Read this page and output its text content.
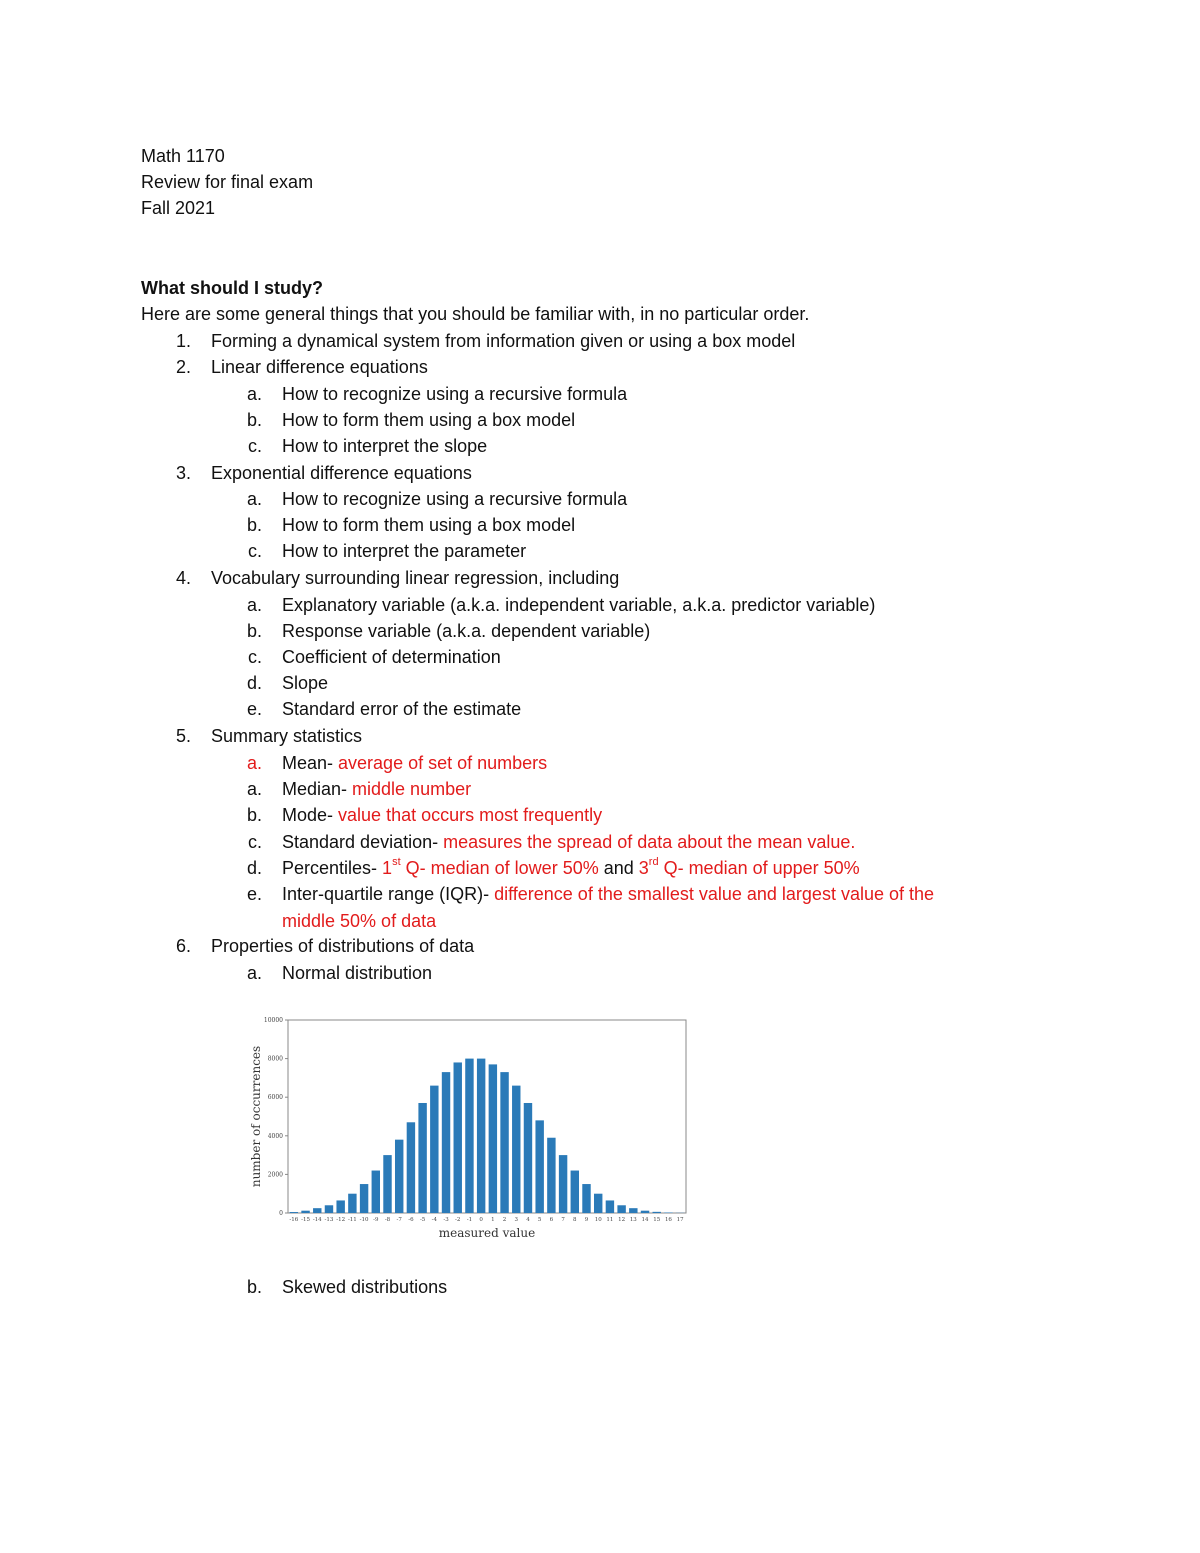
Math 1170
Review for final exam
Fall 2021
What should I study?
Here are some general things that you should be familiar with, in no particular order.
1. Forming a dynamical system from information given or using a box model
2. Linear difference equations
a. How to recognize using a recursive formula
b. How to form them using a box model
c. How to interpret the slope
3. Exponential difference equations
a. How to recognize using a recursive formula
b. How to form them using a box model
c. How to interpret the parameter
4. Vocabulary surrounding linear regression, including
a. Explanatory variable (a.k.a. independent variable, a.k.a. predictor variable)
b. Response variable (a.k.a. dependent variable)
c. Coefficient of determination
d. Slope
e. Standard error of the estimate
5. Summary statistics
a. Mean- average of set of numbers
a. Median- middle number
b. Mode- value that occurs most frequently
c. Standard deviation- measures the spread of data about the mean value.
d. Percentiles- 1st Q- median of lower 50% and 3rd Q- median of upper 50%
e. Inter-quartile range (IQR)- difference of the smallest value and largest value of the
middle 50% of data
6. Properties of distributions of data
a. Normal distribution
0
2000
4000
6000
8000
10000
-16 -15 -14 -13 -12 -11 -10 -9 -8 -7 -6 -5 -4 -3 -2 -1 0 1 2 3 4 5 6 7 8 9 10 11 12 13 14 15 16 17
measured value
number of occurrences
b. Skewed distributions
